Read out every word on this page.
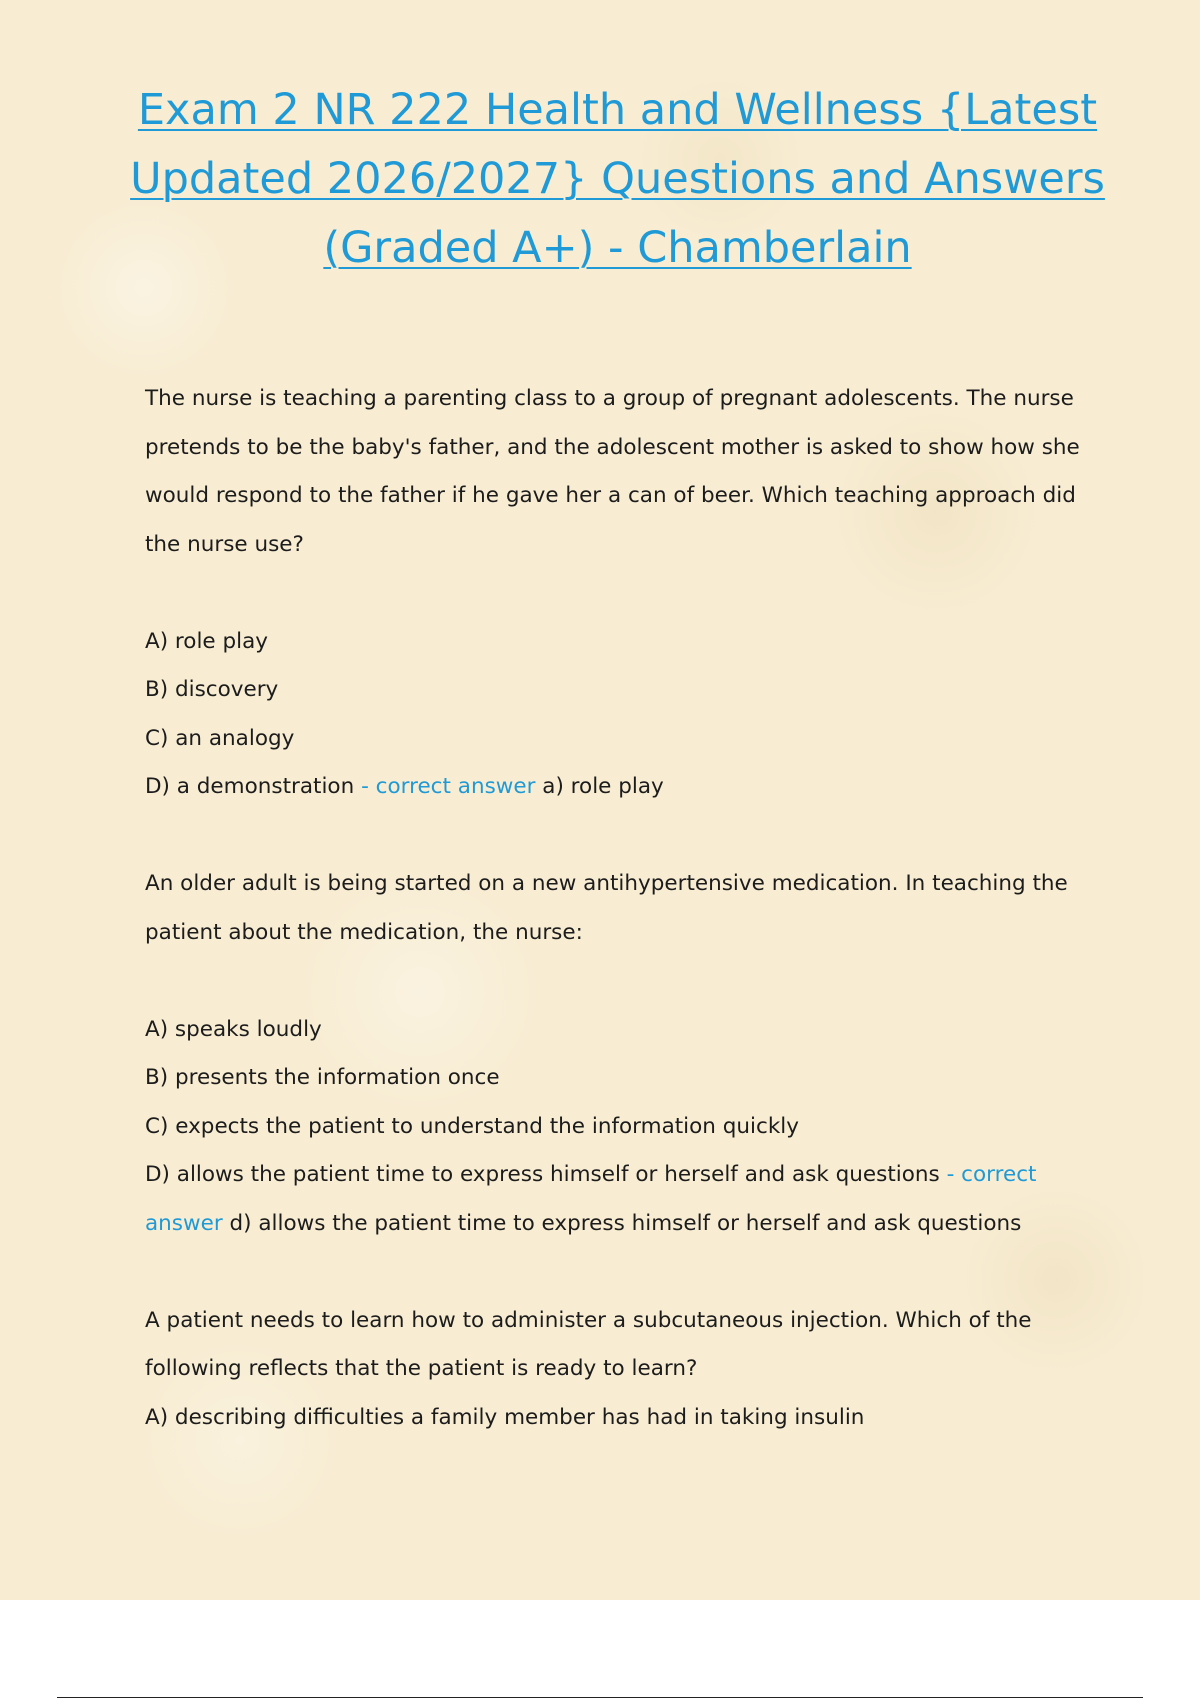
Exam 2 NR 222 Health and Wellness {Latest Updated 2026/2027} Questions and Answers (Graded A+) - Chamberlain

The nurse is teaching a parenting class to a group of pregnant adolescents. The nurse pretends to be the baby's father, and the adolescent mother is asked to show how she would respond to the father if he gave her a can of beer. Which teaching approach did the nurse use?

A) role play

B) discovery

C) an analogy

D) a demonstration - correct answer a) role play

An older adult is being started on a new antihypertensive medication. In teaching the patient about the medication, the nurse:

A) speaks loudly

B) presents the information once

C) expects the patient to understand the information quickly

D) allows the patient time to express himself or herself and ask questions - correct answer d) allows the patient time to express himself or herself and ask questions

A patient needs to learn how to administer a subcutaneous injection. Which of the following reflects that the patient is ready to learn?

A) describing difficulties a family member has had in taking insulin
